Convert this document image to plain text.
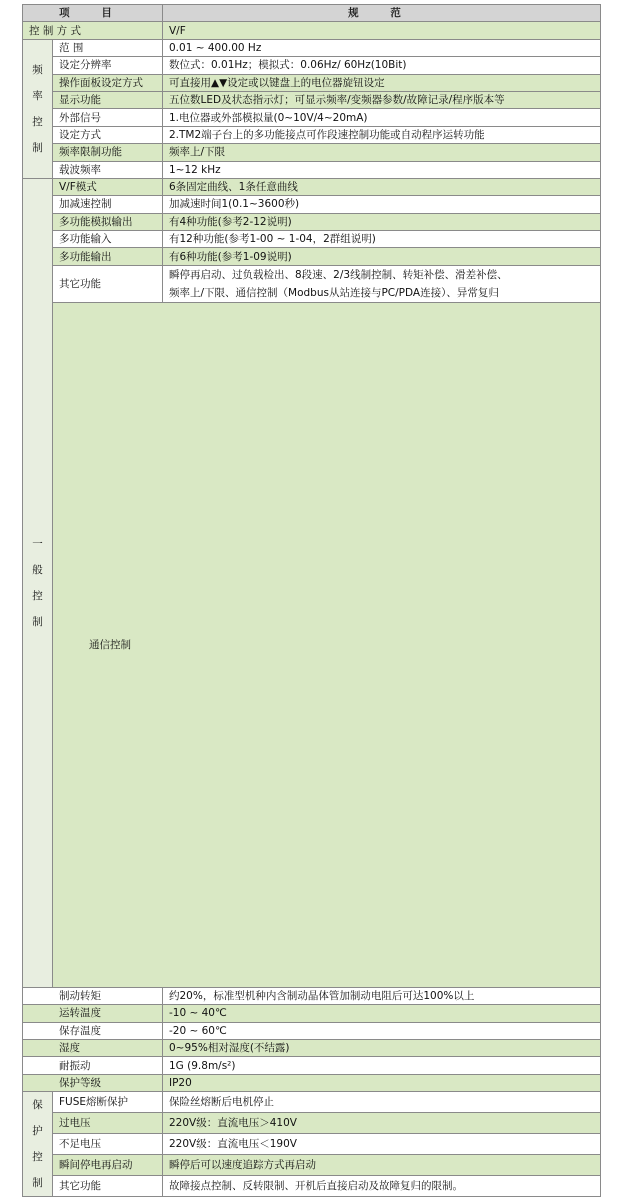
项 目		规 范	
控 制 方 式		V/F	
频率控制	范 围	0.01 ~ 400.00 Hz	
	设定分辨率	数位式：0.01Hz；模拟式：0.06Hz/ 60Hz(10Bit)	
	操作面板设定方式	可直接用▲▼设定或以键盘上的电位器旋钮设定	
	显示功能	五位数LED及状态指示灯；可显示频率/变频器参数/故障记录/程序版本等	
	外部信号	1.电位器或外部模拟量(0~10V/4~20mA)	
	设定方式	2.TM2端子台上的多功能接点可作段速控制功能或自动程序运转功能	
	频率限制功能	频率上/下限	
	载波频率	1~12 kHz	
一般控制	V/F模式	6条固定曲线、1条任意曲线	
	加减速控制	加减速时间1(0.1~3600秒)	
	多功能模拟输出	有4种功能(参考2-12说明)	
	多功能输入	有12种功能(参考1-00 ~ 1-04，2群组说明)	
	多功能输出	有6种功能(参考1-09说明)	
	其它功能	瞬停再启动、过负载检出、8段速、2/3线制控制、转矩补偿、滑差补偿、
频率上/下限、通信控制（Modbus从站连接与PC/PDA连接）、异常复归	

	通信控制	

制动转矩		约20%，标准型机种内含制动晶体管加制动电阻后可达100%以上	
运转温度		-10 ~ 40℃	
保存温度		-20 ~ 60℃	
湿度		0~95%相对湿度(不结露)	
耐振动		1G (9.8m/s²)	
保护等级		IP20	
保护控制	FUSE熔断保护	保险丝熔断后电机停止	
	过电压	220V级：直流电压＞410V	
	不足电压	220V级：直流电压＜190V	
	瞬间停电再启动	瞬停后可以速度追踪方式再启动	
	其它功能	故障接点控制、反转限制、开机后直接启动及故障复归的限制。	
